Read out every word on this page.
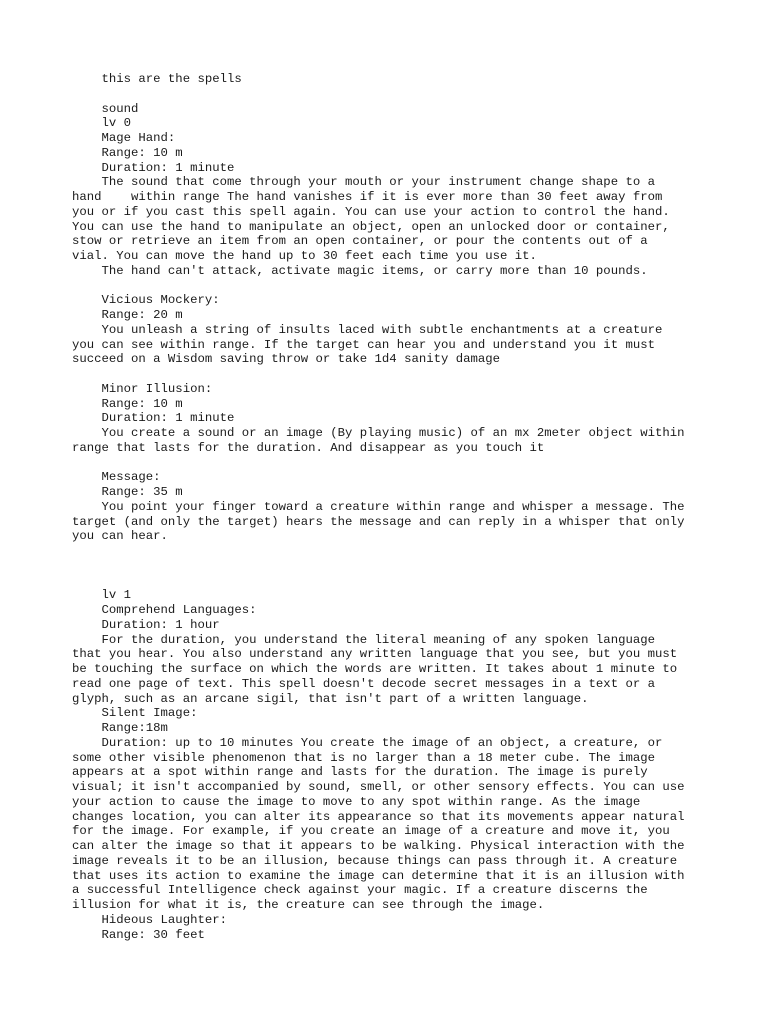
this are the spells
sound
lv 0
Mage Hand:
Range: 10 m
Duration: 1 minute
The sound that come through your mouth or your instrument change shape to a
hand    within range The hand vanishes if it is ever more than 30 feet away from
you or if you cast this spell again. You can use your action to control the hand.
You can use the hand to manipulate an object, open an unlocked door or container,
stow or retrieve an item from an open container, or pour the contents out of a
vial. You can move the hand up to 30 feet each time you use it.
The hand can't attack, activate magic items, or carry more than 10 pounds.
Vicious Mockery:
Range: 20 m
You unleash a string of insults laced with subtle enchantments at a creature
you can see within range. If the target can hear you and understand you it must
succeed on a Wisdom saving throw or take 1d4 sanity damage
Minor Illusion:
Range: 10 m
Duration: 1 minute
You create a sound or an image (By playing music) of an mx 2meter object within
range that lasts for the duration. And disappear as you touch it
Message:
Range: 35 m
You point your finger toward a creature within range and whisper a message. The
target (and only the target) hears the message and can reply in a whisper that only
you can hear.
lv 1
Comprehend Languages:
Duration: 1 hour
For the duration, you understand the literal meaning of any spoken language
that you hear. You also understand any written language that you see, but you must
be touching the surface on which the words are written. It takes about 1 minute to
read one page of text. This spell doesn't decode secret messages in a text or a
glyph, such as an arcane sigil, that isn't part of a written language.
Silent Image:
Range:18m
Duration: up to 10 minutes You create the image of an object, a creature, or
some other visible phenomenon that is no larger than a 18 meter cube. The image
appears at a spot within range and lasts for the duration. The image is purely
visual; it isn't accompanied by sound, smell, or other sensory effects. You can use
your action to cause the image to move to any spot within range. As the image
changes location, you can alter its appearance so that its movements appear natural
for the image. For example, if you create an image of a creature and move it, you
can alter the image so that it appears to be walking. Physical interaction with the
image reveals it to be an illusion, because things can pass through it. A creature
that uses its action to examine the image can determine that it is an illusion with
a successful Intelligence check against your magic. If a creature discerns the
illusion for what it is, the creature can see through the image.
Hideous Laughter:
Range: 30 feet
